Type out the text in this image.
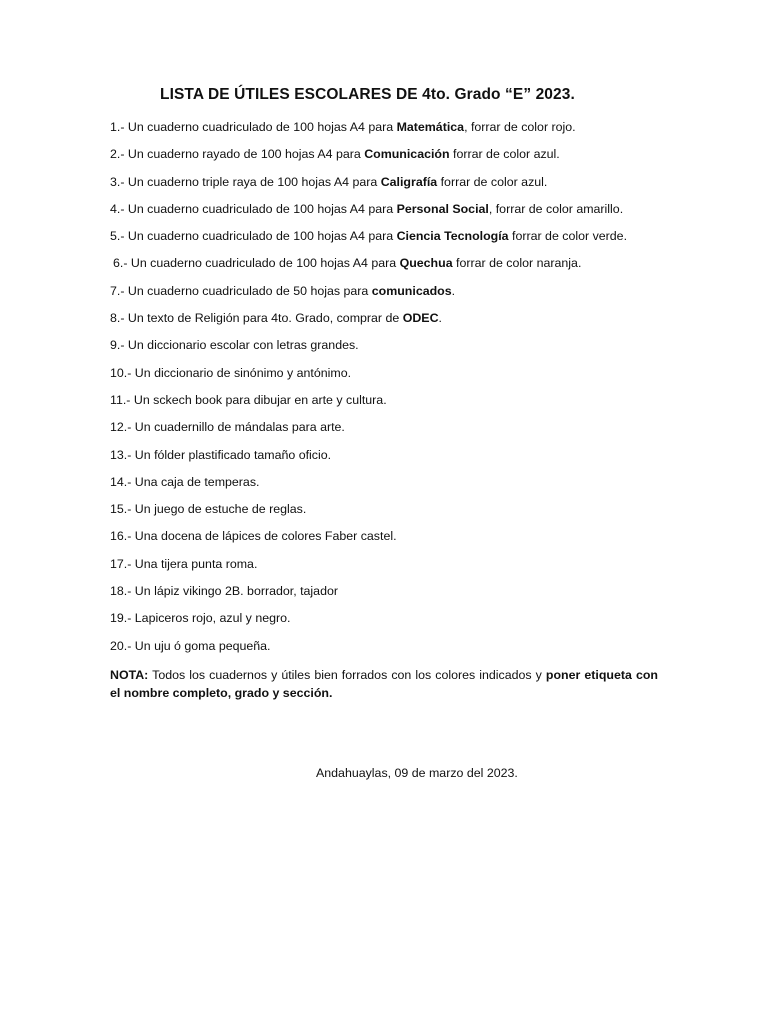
LISTA DE ÚTILES ESCOLARES DE 4to. Grado “E” 2023.
1.- Un cuaderno cuadriculado de 100 hojas A4 para Matemática, forrar de color rojo.
2.- Un cuaderno rayado de 100 hojas A4 para Comunicación forrar de color azul.
3.- Un cuaderno triple raya de 100 hojas A4 para Caligrafía forrar de color azul.
4.- Un cuaderno cuadriculado de 100 hojas A4 para Personal Social, forrar de color amarillo.
5.- Un cuaderno cuadriculado de 100 hojas A4 para Ciencia Tecnología forrar de color verde.
6.- Un cuaderno cuadriculado de 100 hojas A4 para Quechua forrar de color naranja.
7.- Un cuaderno cuadriculado de 50 hojas para comunicados.
8.- Un texto de Religión para 4to. Grado, comprar de ODEC.
9.- Un diccionario escolar con letras grandes.
10.- Un diccionario de sinónimo y antónimo.
11.- Un sckech book para dibujar en arte y cultura.
12.- Un cuadernillo de mándalas para arte.
13.- Un fólder plastificado tamaño oficio.
14.- Una caja de temperas.
15.- Un juego de estuche de reglas.
16.- Una docena de lápices de colores Faber castel.
17.- Una tijera punta roma.
18.- Un lápiz vikingo 2B. borrador, tajador
19.- Lapiceros rojo, azul y negro.
20.- Un uju ó goma pequeña.
NOTA: Todos los cuadernos y útiles bien forrados con los colores indicados y poner etiqueta con el nombre completo, grado y sección.
Andahuaylas, 09 de marzo del 2023.
